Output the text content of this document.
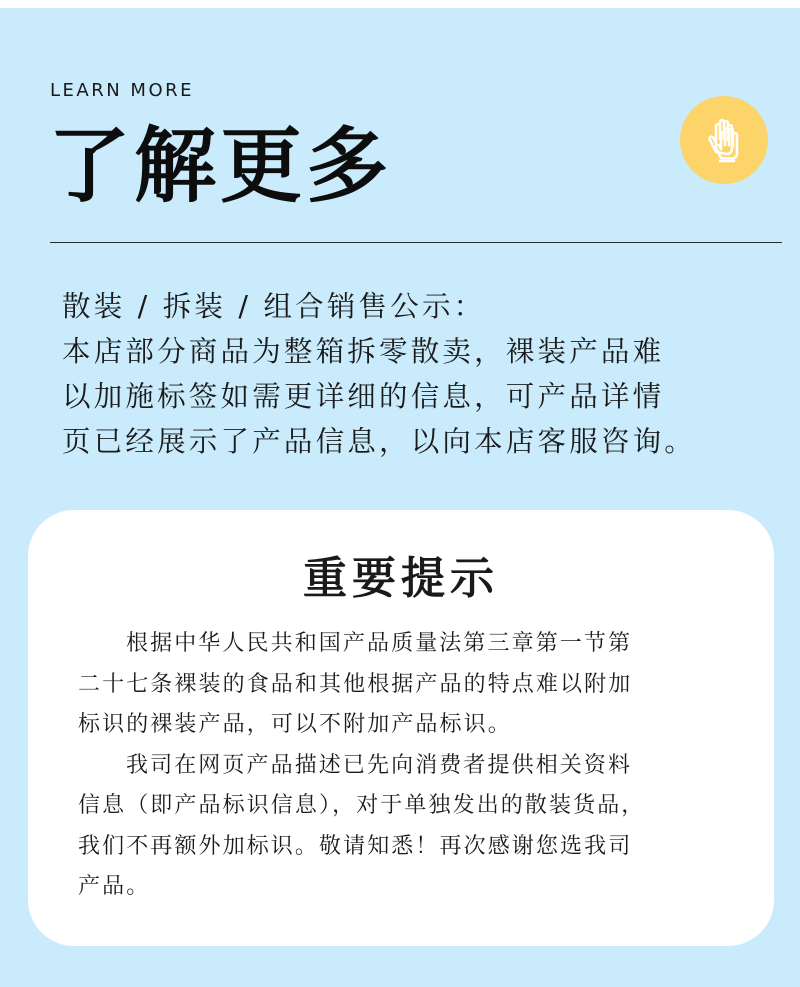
LEARN MORE
了解更多
散装 / 拆装 / 组合销售公示：
本店部分商品为整箱拆零散卖，裸装产品难
以加施标签如需更详细的信息，可产品详情
页已经展示了产品信息，以向本店客服咨询。
重要提示
根据中华人民共和国产品质量法第三章第一节第
二十七条裸装的食品和其他根据产品的特点难以附加
标识的裸装产品，可以不附加产品标识。
我司在网页产品描述已先向消费者提供相关资料
信息（即产品标识信息），对于单独发出的散装货品，
我们不再额外加标识。敬请知悉！再次感谢您选我司
产品。
